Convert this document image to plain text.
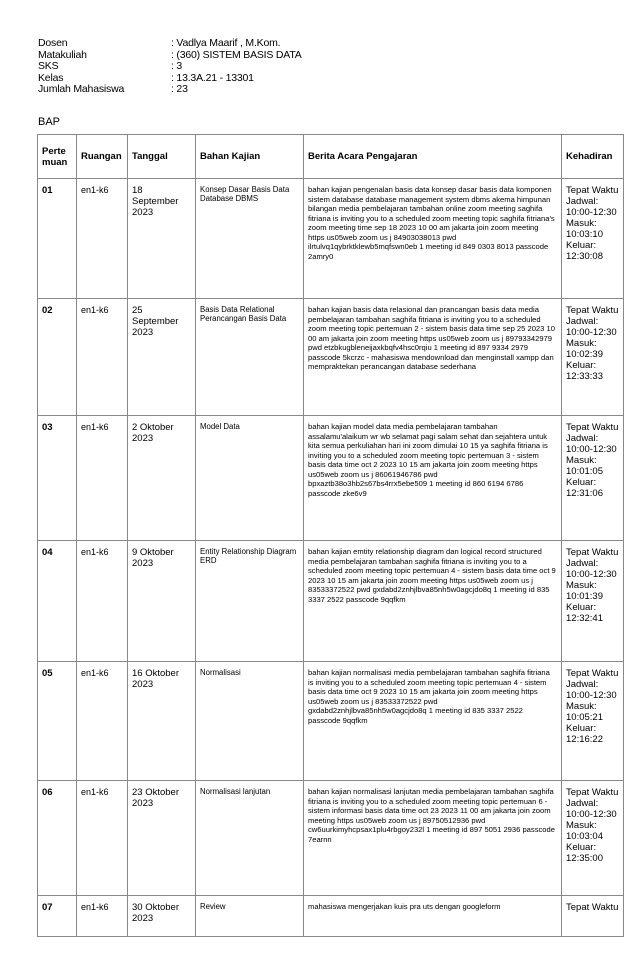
Dosen	: Vadlya Maarif , M.Kom.
Matakuliah	: (360) SISTEM BASIS DATA
SKS	: 3
Kelas	: 13.3A.21 - 13301
Jumlah Mahasiswa	: 23
BAP
Perte muan	Ruangan	Tanggal	Bahan Kajian	Berita Acara Pengajaran	Kehadiran
01	en1-k6	18 September 2023	Konsep Dasar Basis Data Database DBMS	bahan kajian pengenalan basis data konsep dasar basis data komponen sistem database database management system dbms akema himpunan bilangan media pembelajaran tambahan online zoom meeting saghifa fitriana is inviting you to a scheduled zoom meeting topic saghifa fitriana's zoom meeting time sep 18 2023 10 00 am jakarta join zoom meeting https us05web zoom us j 84903038013 pwd ilrtulvq1qybrktklewb5mqfswn0eb 1 meeting id 849 0303 8013 passcode 2amry0	Tepat Waktu Jadwal: 10:00-12:30 Masuk: 10:03:10 Keluar: 12:30:08
02	en1-k6	25 September 2023	Basis Data Relational Perancangan Basis Data	bahan kajian basis data relasional dan prancangan basis data media pembelajaran tambahan saghifa fitriana is inviting you to a scheduled zoom meeting topic pertemuan 2 - sistem basis data time sep 25 2023 10 00 am jakarta join zoom meeting https us05web zoom us j 89793342979 pwd etzbkugbleneijaxkbqfv4hsc0rqiu 1 meeting id 897 9334 2979 passcode 5kcrzc - mahasiswa mendownload dan menginstall xampp dan mempraktekan perancangan database sederhana	Tepat Waktu Jadwal: 10:00-12:30 Masuk: 10:02:39 Keluar: 12:33:33
03	en1-k6	2 Oktober 2023	Model Data	bahan kajian model data media pembelajaran tambahan assalamu'alaikum wr wb selamat pagi salam sehat dan sejahtera untuk kita semua perkuliahan hari ini zoom dimulai 10 15 ya saghifa fitriana is inviting you to a scheduled zoom meeting topic pertemuan 3 - sistem basis data time oct 2 2023 10 15 am jakarta join zoom meeting https us05web zoom us j 86061946786 pwd bpxaztb38o3hb2s67bs4rrx5ebe509 1 meeting id 860 6194 6786 passcode zke6v9	Tepat Waktu Jadwal: 10:00-12:30 Masuk: 10:01:05 Keluar: 12:31:06
04	en1-k6	9 Oktober 2023	Entity Relationship Diagram ERD	bahan kajian emtity relationship diagram dan logical record structured media pembelajaran tambahan saghifa fitriana is inviting you to a scheduled zoom meeting topic pertemuan 4 - sistem basis data time oct 9 2023 10 15 am jakarta join zoom meeting https us05web zoom us j 83533372522 pwd gxdabd2znhjlbva85nh5w0agcjdo8q 1 meeting id 835 3337 2522 passcode 9qqfkm	Tepat Waktu Jadwal: 10:00-12:30 Masuk: 10:01:39 Keluar: 12:32:41
05	en1-k6	16 Oktober 2023	Normalisasi	bahan kajian normalisasi media pembelajaran tambahan saghifa fitriana is inviting you to a scheduled zoom meeting topic pertemuan 4 - sistem basis data time oct 9 2023 10 15 am jakarta join zoom meeting https us05web zoom us j 83533372522 pwd gxdabd2znhjlbva85nh5w0agcjdo8q 1 meeting id 835 3337 2522 passcode 9qqfkm	Tepat Waktu Jadwal: 10:00-12:30 Masuk: 10:05:21 Keluar: 12:16:22
06	en1-k6	23 Oktober 2023	Normalisasi lanjutan	bahan kajian normalisasi lanjutan media pembelajaran tambahan saghifa fitriana is inviting you to a scheduled zoom meeting topic pertemuan 6 - sistem informasi basis data time oct 23 2023 11 00 am jakarta join zoom meeting https us05web zoom us j 89750512936 pwd cw6uurkimyhcpsax1plu4rbgoy232l 1 meeting id 897 5051 2936 passcode 7earnn	Tepat Waktu Jadwal: 10:00-12:30 Masuk: 10:03:04 Keluar: 12:35:00
07	en1-k6	30 Oktober 2023	Review	mahasiswa mengerjakan kuis pra uts dengan googleform	Tepat Waktu
